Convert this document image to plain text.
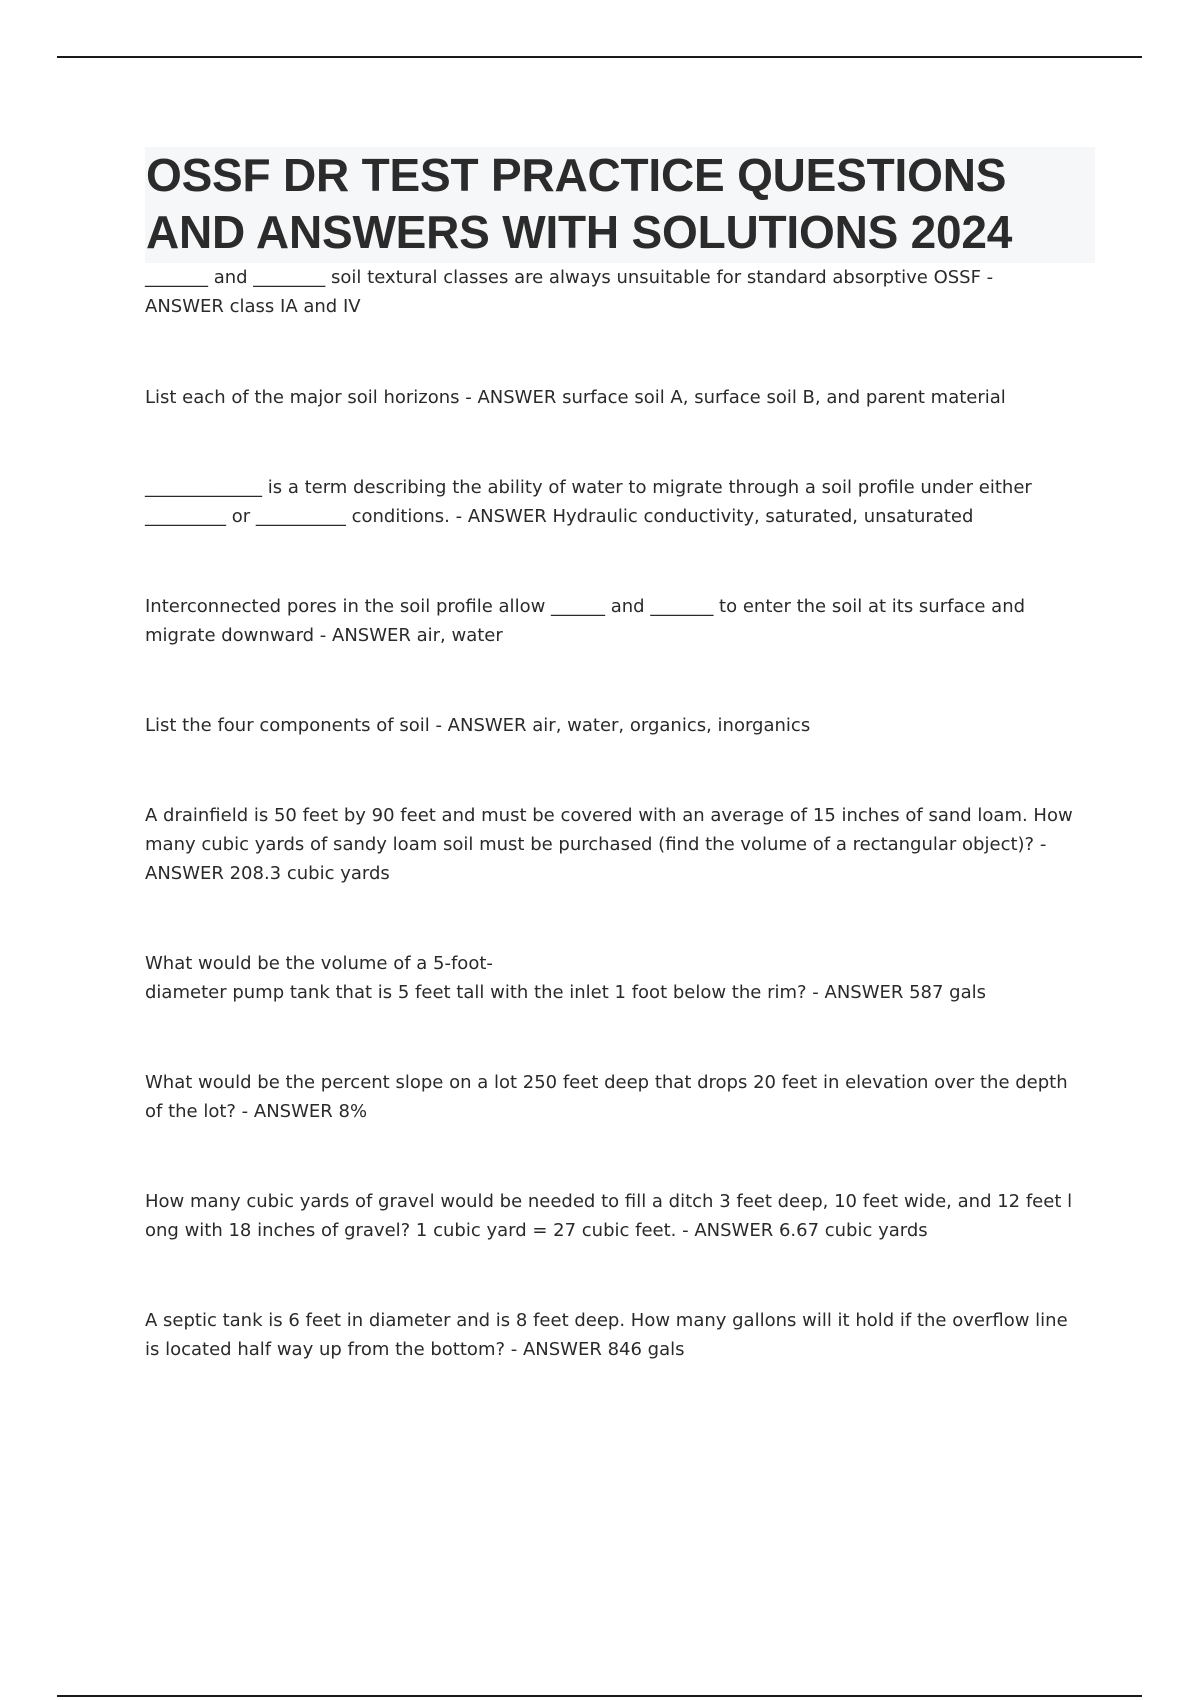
OSSF DR TEST PRACTICE QUESTIONS
AND ANSWERS WITH SOLUTIONS 2024

_______ and ________ soil textural classes are always unsuitable for standard absorptive OSSF -
ANSWER class IA and IV

List each of the major soil horizons - ANSWER surface soil A, surface soil B, and parent material

_____________ is a term describing the ability of water to migrate through a soil profile under either
_________ or __________ conditions. - ANSWER Hydraulic conductivity, saturated, unsaturated

Interconnected pores in the soil profile allow ______ and _______ to enter the soil at its surface and
migrate downward - ANSWER air, water

List the four components of soil - ANSWER air, water, organics, inorganics

A drainfield is 50 feet by 90 feet and must be covered with an average of 15 inches of sand loam. How
many cubic yards of sandy loam soil must be purchased (find the volume of a rectangular object)? -
ANSWER 208.3 cubic yards

What would be the volume of a 5-foot-
diameter pump tank that is 5 feet tall with the inlet 1 foot below the rim? - ANSWER 587 gals

What would be the percent slope on a lot 250 feet deep that drops 20 feet in elevation over the depth
of the lot? - ANSWER 8%

How many cubic yards of gravel would be needed to fill a ditch 3 feet deep, 10 feet wide, and 12 feet l
ong with 18 inches of gravel? 1 cubic yard = 27 cubic feet. - ANSWER 6.67 cubic yards

A septic tank is 6 feet in diameter and is 8 feet deep. How many gallons will it hold if the overflow line
is located half way up from the bottom? - ANSWER 846 gals
